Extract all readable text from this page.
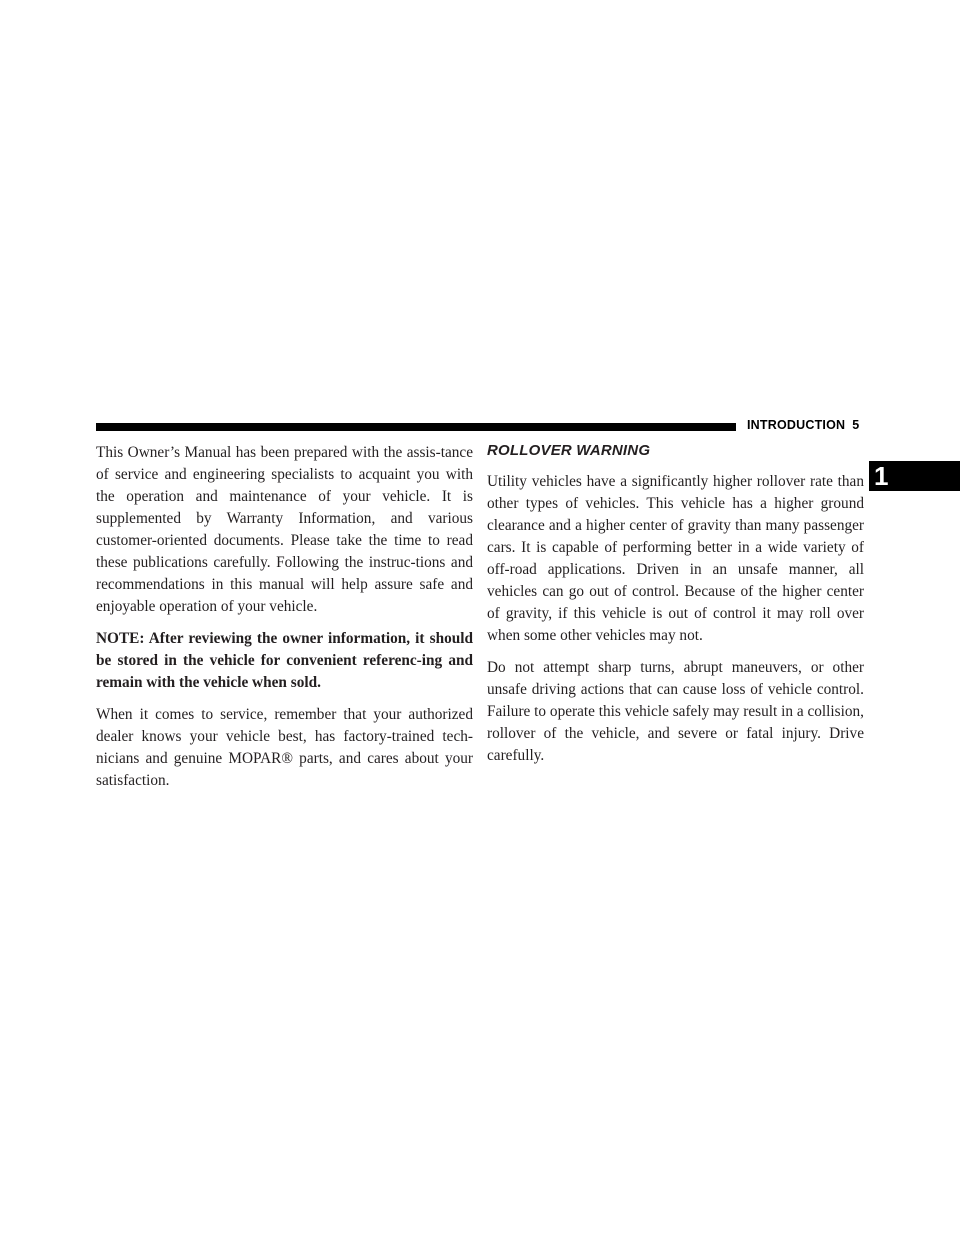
INTRODUCTION 5
1

This Owner’s Manual has been prepared with the assis-tance of service and engineering specialists to acquaint you with the operation and maintenance of your vehicle. It is supplemented by Warranty Information, and various customer-oriented documents. Please take the time to read these publications carefully. Following the instruc-tions and recommendations in this manual will help assure safe and enjoyable operation of your vehicle.

NOTE: After reviewing the owner information, it should be stored in the vehicle for convenient referenc-ing and remain with the vehicle when sold.

When it comes to service, remember that your authorized dealer knows your vehicle best, has factory-trained tech-nicians and genuine MOPAR® parts, and cares about your satisfaction.

ROLLOVER WARNING

Utility vehicles have a significantly higher rollover rate than other types of vehicles. This vehicle has a higher ground clearance and a higher center of gravity than many passenger cars. It is capable of performing better in a wide variety of off-road applications. Driven in an unsafe manner, all vehicles can go out of control. Because of the higher center of gravity, if this vehicle is out of control it may roll over when some other vehicles may not.

Do not attempt sharp turns, abrupt maneuvers, or other unsafe driving actions that can cause loss of vehicle control. Failure to operate this vehicle safely may result in a collision, rollover of the vehicle, and severe or fatal injury. Drive carefully.
